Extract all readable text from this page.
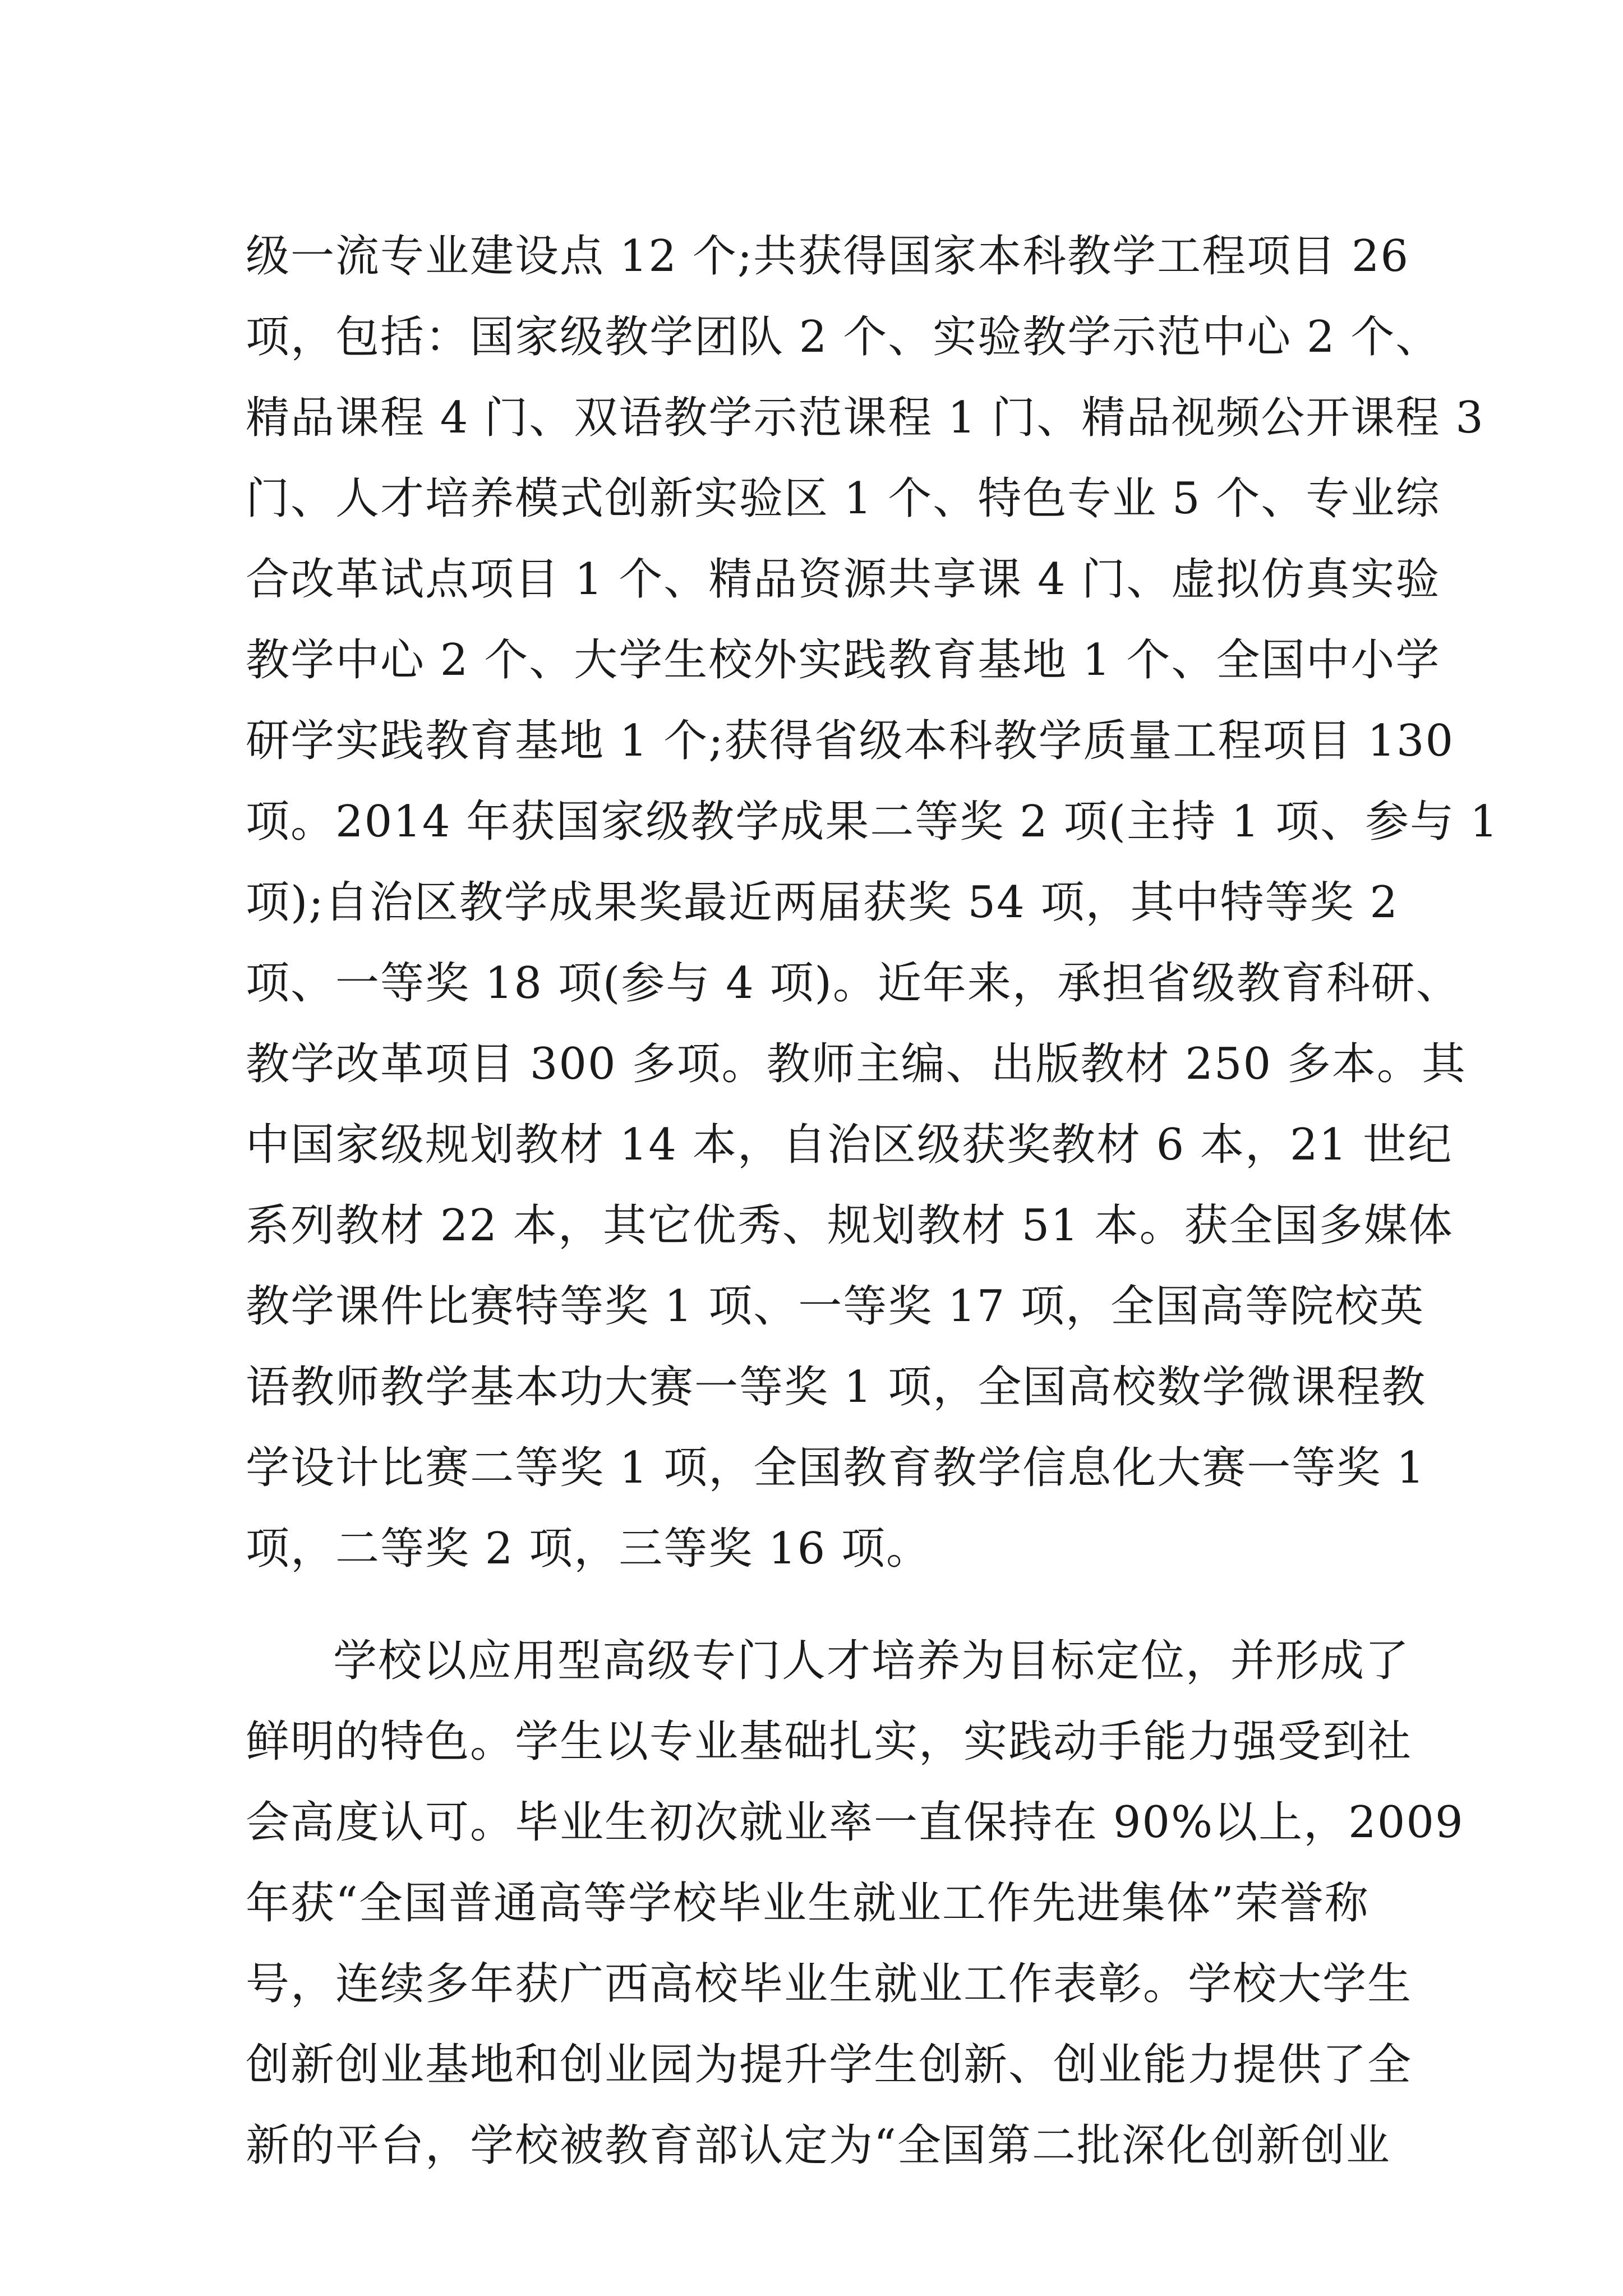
级一流专业建设点 12 个;共获得国家本科教学工程项目 26
项，包括：国家级教学团队 2 个、实验教学示范中心 2 个、
精品课程 4 门、双语教学示范课程 1 门、精品视频公开课程 3
门、人才培养模式创新实验区 1 个、特色专业 5 个、专业综
合改革试点项目 1 个、精品资源共享课 4 门、虚拟仿真实验
教学中心 2 个、大学生校外实践教育基地 1 个、全国中小学
研学实践教育基地 1 个;获得省级本科教学质量工程项目 130
项。2014 年获国家级教学成果二等奖 2 项(主持 1 项、参与 1
项);自治区教学成果奖最近两届获奖 54 项，其中特等奖 2
项、一等奖 18 项(参与 4 项)。近年来，承担省级教育科研、
教学改革项目 300 多项。教师主编、出版教材 250 多本。其
中国家级规划教材 14 本，自治区级获奖教材 6 本，21 世纪
系列教材 22 本，其它优秀、规划教材 51 本。获全国多媒体
教学课件比赛特等奖 1 项、一等奖 17 项，全国高等院校英
语教师教学基本功大赛一等奖 1 项，全国高校数学微课程教
学设计比赛二等奖 1 项，全国教育教学信息化大赛一等奖 1
项，二等奖 2 项，三等奖 16 项。
学校以应用型高级专门人才培养为目标定位，并形成了
鲜明的特色。学生以专业基础扎实，实践动手能力强受到社
会高度认可。毕业生初次就业率一直保持在 90%以上，2009
年获“全国普通高等学校毕业生就业工作先进集体”荣誉称
号，连续多年获广西高校毕业生就业工作表彰。学校大学生
创新创业基地和创业园为提升学生创新、创业能力提供了全
新的平台，学校被教育部认定为“全国第二批深化创新创业
